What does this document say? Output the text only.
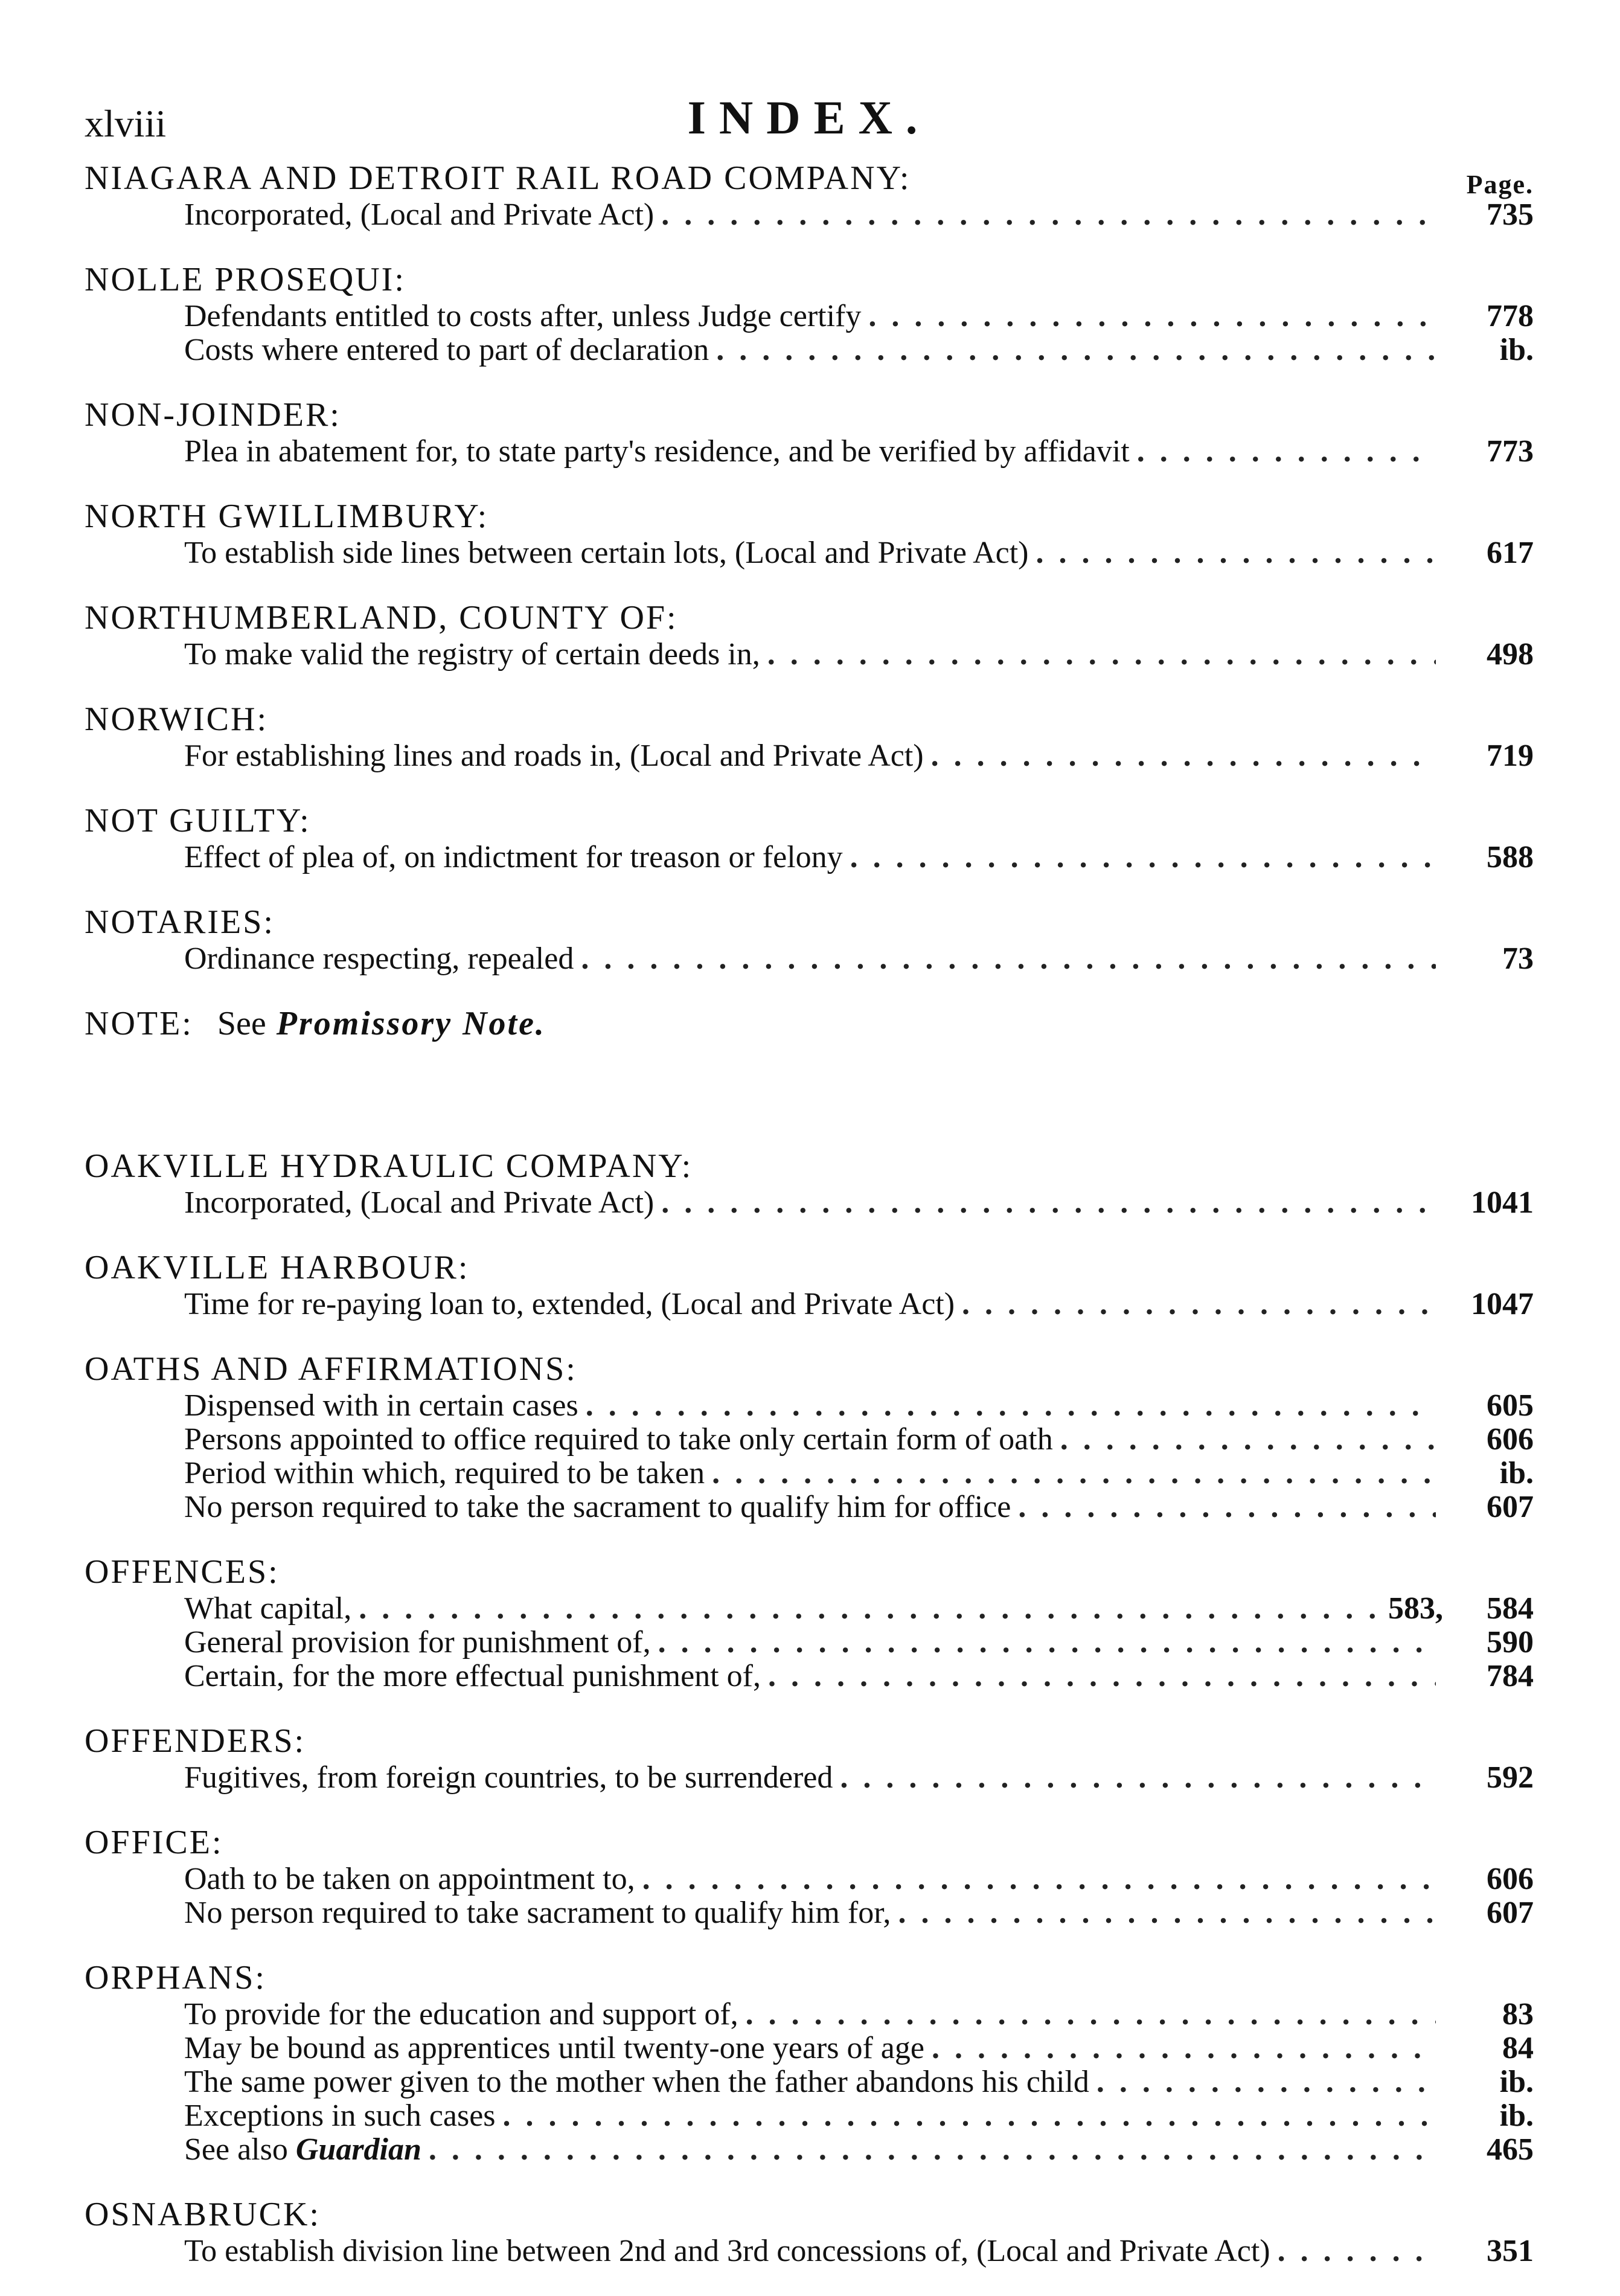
xlviii	INDEX.
Page.
NIAGARA AND DETROIT RAIL ROAD COMPANY:
Incorporated, (Local and Private Act) . . .	735
NOLLE PROSEQUI:
Defendants entitled to costs after, unless Judge certify . . .	778
Costs where entered to part of declaration . . .	ib.
NON-JOINDER:
Plea in abatement for, to state party's residence, and be verified by affidavit . . .	773
NORTH GWILLIMBURY:
To establish side lines between certain lots, (Local and Private Act) . . .	617
NORTHUMBERLAND, COUNTY OF:
To make valid the registry of certain deeds in, . . .	498
NORWICH:
For establishing lines and roads in, (Local and Private Act) . . .	719
NOT GUILTY:
Effect of plea of, on indictment for treason or felony . . .	588
NOTARIES:
Ordinance respecting, repealed . . .	73
NOTE: See Promissory Note.
OAKVILLE HYDRAULIC COMPANY:
Incorporated, (Local and Private Act) . . .	1041
OAKVILLE HARBOUR:
Time for re-paying loan to, extended, (Local and Private Act) . . .	1047
OATHS AND AFFIRMATIONS:
Dispensed with in certain cases . . .	605
Persons appointed to office required to take only certain form of oath . . .	606
Period within which, required to be taken . . .	ib.
No person required to take the sacrament to qualify him for office . . .	607
OFFENCES:
What capital, . . .	583,	584
General provision for punishment of, . . .	590
Certain, for the more effectual punishment of, . . .	784
OFFENDERS:
Fugitives, from foreign countries, to be surrendered . . .	592
OFFICE:
Oath to be taken on appointment to, . . .	606
No person required to take sacrament to qualify him for, . . .	607
ORPHANS:
To provide for the education and support of, . . .	83
May be bound as apprentices until twenty-one years of age . . .	84
The same power given to the mother when the father abandons his child . . .	ib.
Exceptions in such cases . . .	ib.
See also Guardian . . .	465
OSNABRUCK:
To establish division line between 2nd and 3rd concessions of, (Local and Private Act) . . .	351
